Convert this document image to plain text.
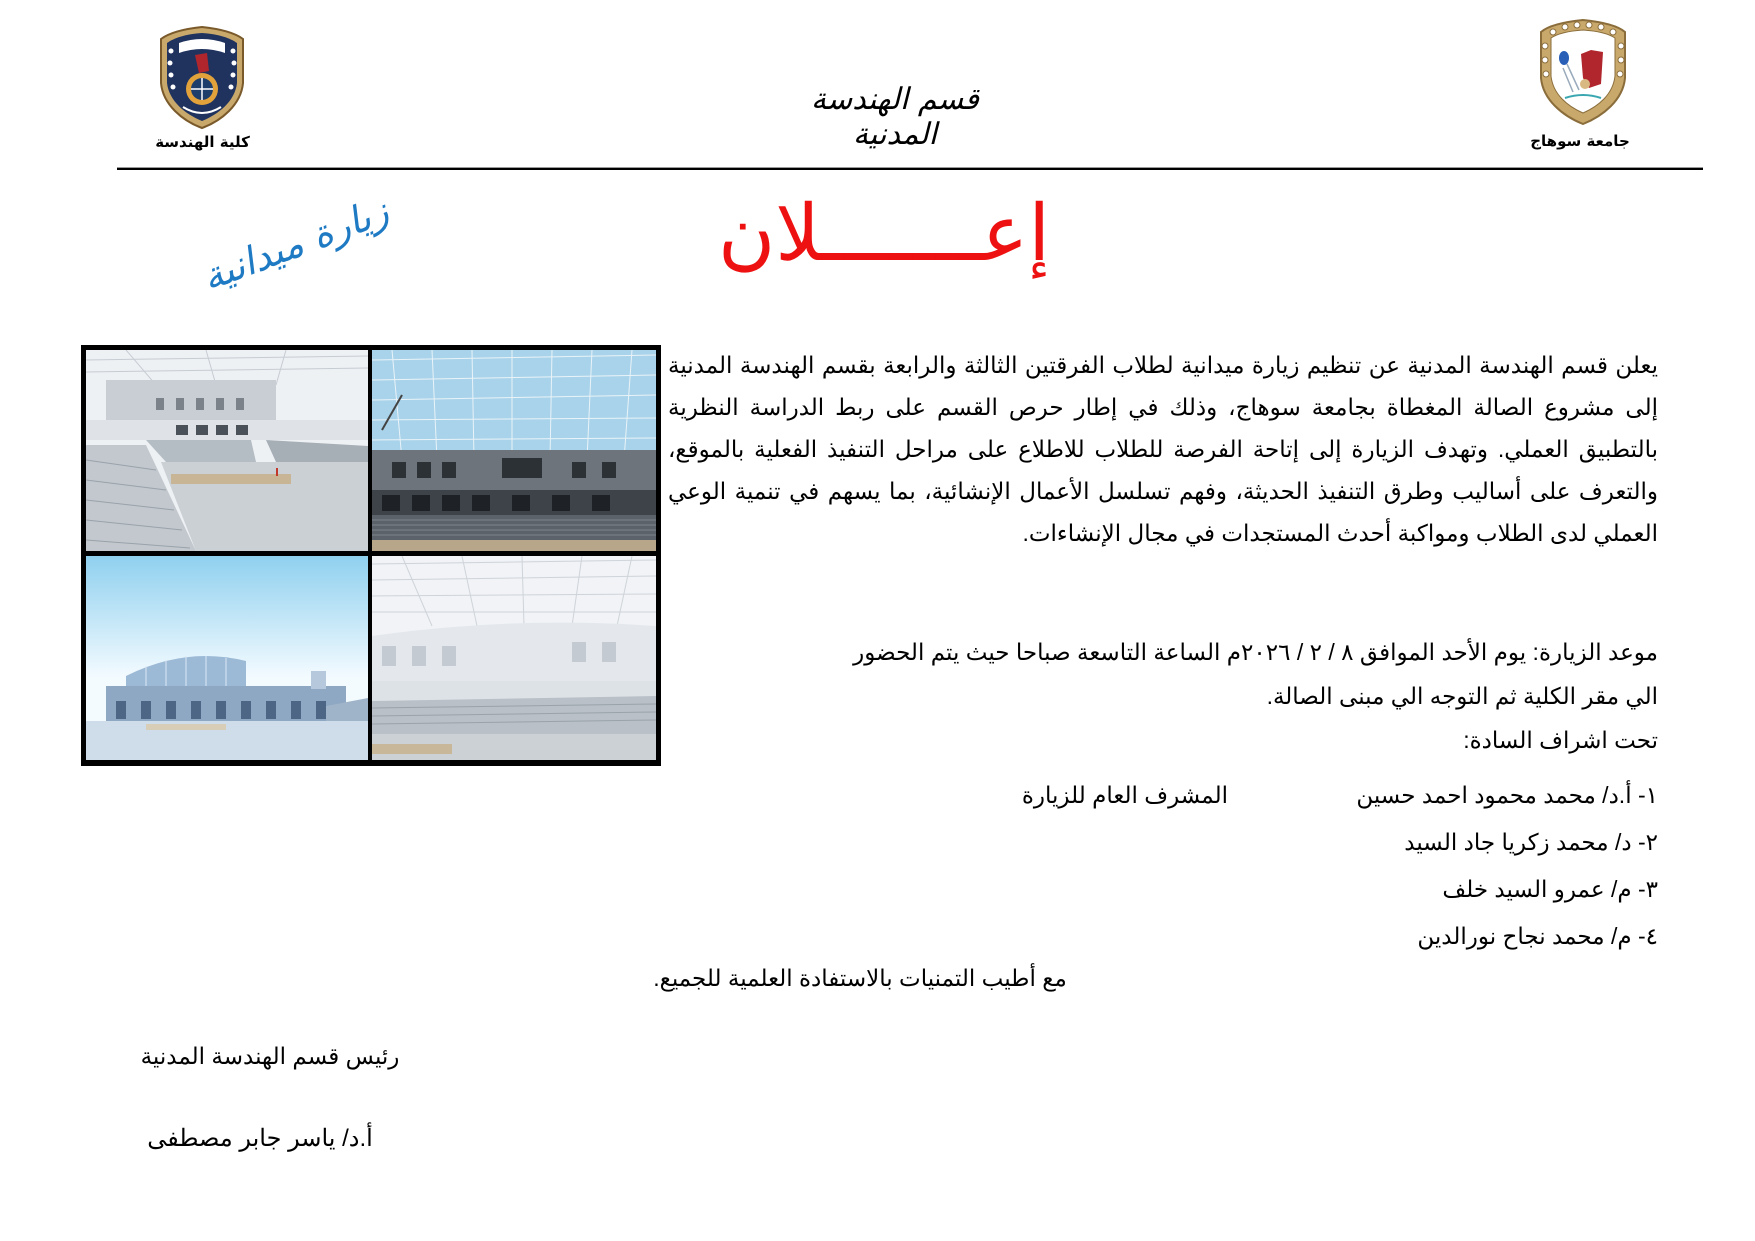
جامعة سوهاج
كلية الهندسة
قسم الهندسة المدنية
إعـــــــلان
زيارة ميدانية

يعلن قسم الهندسة المدنية عن تنظيم زيارة ميدانية لطلاب الفرقتين الثالثة والرابعة بقسم الهندسة المدنية إلى مشروع الصالة المغطاة بجامعة سوهاج، وذلك في إطار حرص القسم على ربط الدراسة النظرية بالتطبيق العملي. وتهدف الزيارة إلى إتاحة الفرصة للطلاب للاطلاع على مراحل التنفيذ الفعلية بالموقع، والتعرف على أساليب وطرق التنفيذ الحديثة، وفهم تسلسل الأعمال الإنشائية، بما يسهم في تنمية الوعي العملي لدى الطلاب ومواكبة أحدث المستجدات في مجال الإنشاءات.

موعد الزيارة: يوم الأحد الموافق ٨ / ٢ / ٢٠٢٦م الساعة التاسعة صباحا حيث يتم الحضور

الي مقر الكلية ثم التوجه الي مبنى الصالة.

تحت اشراف السادة:

١- أ.د/ محمد محمود احمد حسين
المشرف العام للزيارة
٢- د/ محمد زكريا جاد السيد
٣- م/ عمرو السيد خلف
٤- م/ محمد نجاح نورالدين
مع أطيب التمنيات بالاستفادة العلمية للجميع.
رئيس قسم الهندسة المدنية
أ.د/ ياسر جابر مصطفى
